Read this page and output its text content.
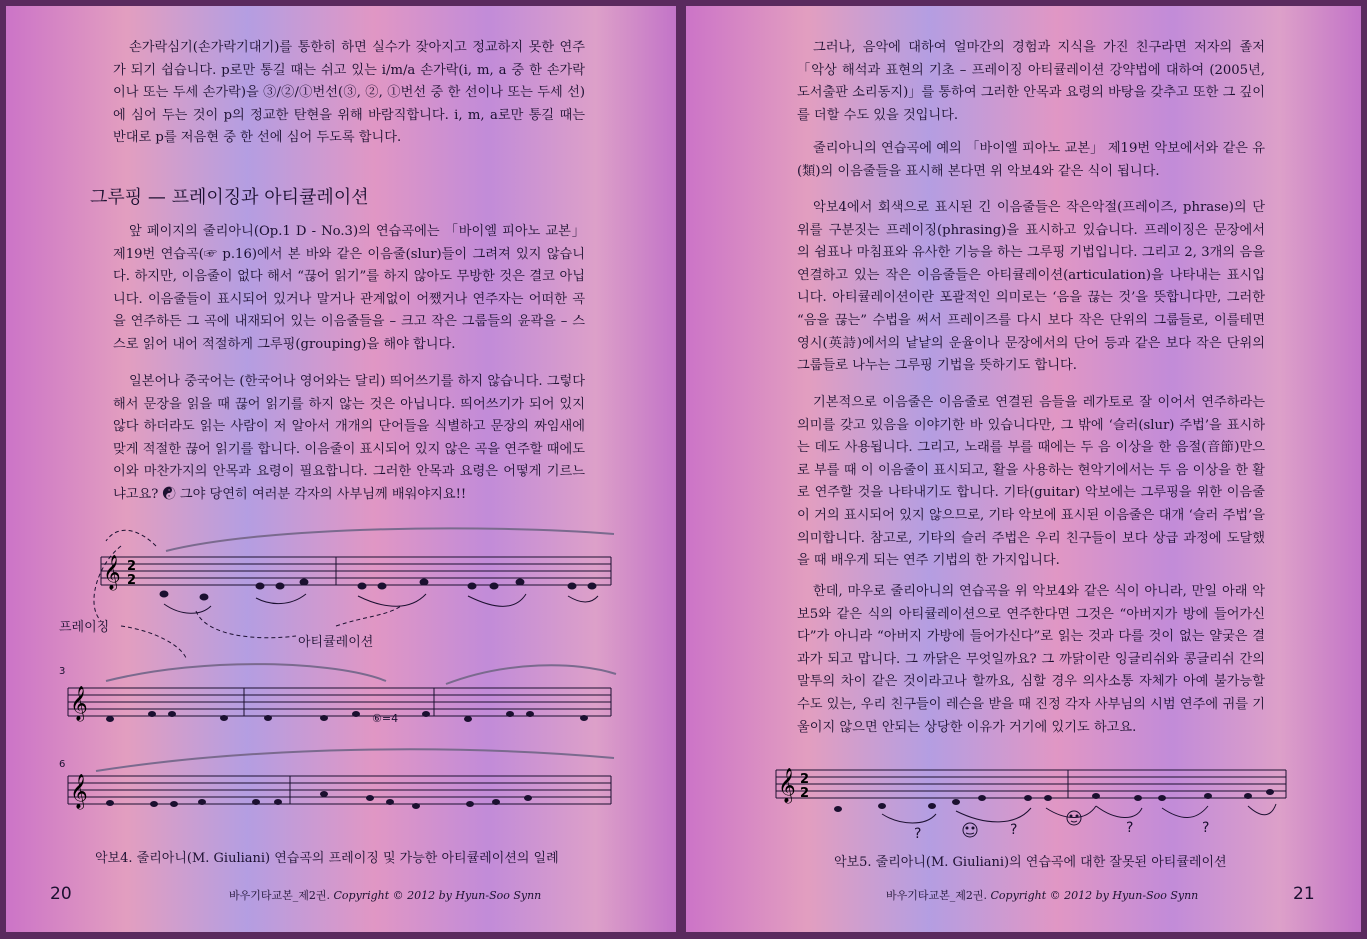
손가락심기(손가락기대기)를 통한히 하면 실수가 잦아지고 정교하지 못한 연주가 되기 쉽습니다. p로만 통길 때는 쉬고 있는 i/m/a 손가락(i, m, a 중 한 손가락이나 또는 두세 손가락)을 ③/②/①번선(③, ②, ①번선 중 한 선이나 또는 두세 선)에 심어 두는 것이 p의 정교한 탄현을 위해 바람직합니다. i, m, a로만 통길 때는 반대로 p를 저음현 중 한 선에 심어 두도록 합니다.

그루핑 — 프레이징과 아티큘레이션

앞 페이지의 줄리아니(Op.1 D - No.3)의 연습곡에는 「바이엘 피아노 교본」 제19번 연습곡(☞ p.16)에서 본 바와 같은 이음줄(slur)들이 그려져 있지 않습니다. 하지만, 이음줄이 없다 해서 “끊어 읽기”를 하지 않아도 무방한 것은 결코 아닙니다. 이음줄들이 표시되어 있거나 말거나 관계없이 어쨌거나 연주자는 어떠한 곡을 연주하든 그 곡에 내재되어 있는 이음줄들을 – 크고 작은 그룹들의 윤곽을 – 스스로 읽어 내어 적절하게 그루핑(grouping)을 해야 합니다.

일본어나 중국어는 (한국어나 영어와는 달리) 띄어쓰기를 하지 않습니다. 그렇다 해서 문장을 읽을 때 끊어 읽기를 하지 않는 것은 아닙니다. 띄어쓰기가 되어 있지 않다 하더라도 읽는 사람이 저 알아서 개개의 단어들을 식별하고 문장의 짜임새에 맞게 적절한 끊어 읽기를 합니다. 이음줄이 표시되어 있지 않은 곡을 연주할 때에도 이와 마찬가지의 안목과 요령이 필요합니다. 그러한 안목과 요령은 어떻게 기르느냐고요? ☯ 그야 당연히 여러분 각자의 사부님께 배워야지요!!

𝄞 2
2
𝄞
𝄞
프레이징
아티큘레이션
3
6
⑥=4
악보4. 줄리아니(M. Giuliani) 연습곡의 프레이징 및 가능한 아티큘레이션의 일례
20	바우기타교본_제2권. Copyright © 2012 by Hyun-Soo Synn

그러나, 음악에 대하여 얼마간의 경험과 지식을 가진 친구라면 저자의 졸저 「악상 해석과 표현의 기초 – 프레이징 아티큘레이션 강약법에 대하여 (2005년, 도서출판 소리동지)」를 통하여 그러한 안목과 요령의 바탕을 갖추고 또한 그 깊이를 더할 수도 있을 것입니다.

줄리아니의 연습곡에 예의 「바이엘 피아노 교본」 제19번 악보에서와 같은 유(類)의 이음줄들을 표시해 본다면 위 악보4와 같은 식이 됩니다.

악보4에서 회색으로 표시된 긴 이음줄들은 작은악절(프레이즈, phrase)의 단위를 구분짓는 프레이징(phrasing)을 표시하고 있습니다. 프레이징은 문장에서의 쉼표나 마침표와 유사한 기능을 하는 그루핑 기법입니다. 그리고 2, 3개의 음을 연결하고 있는 작은 이음줄들은 아티큘레이션(articulation)을 나타내는 표시입니다. 아티큘레이션이란 포괄적인 의미로는 ‘음을 끊는 것’을 뜻합니다만, 그러한 “음을 끊는” 수법을 써서 프레이즈를 다시 보다 작은 단위의 그룹들로, 이를테면 영시(英詩)에서의 낱낱의 운율이나 문장에서의 단어 등과 같은 보다 작은 단위의 그룹들로 나누는 그루핑 기법을 뜻하기도 합니다.

기본적으로 이음줄은 이음줄로 연결된 음들을 레가토로 잘 이어서 연주하라는 의미를 갖고 있음을 이야기한 바 있습니다만, 그 밖에 ‘슬러(slur) 주법’을 표시하는 데도 사용됩니다. 그리고, 노래를 부를 때에는 두 음 이상을 한 음절(音節)만으로 부를 때 이 이음줄이 표시되고, 활을 사용하는 현악기에서는 두 음 이상을 한 활로 연주할 것을 나타내기도 합니다. 기타(guitar) 악보에는 그루핑을 위한 이음줄이 거의 표시되어 있지 않으므로, 기타 악보에 표시된 이음줄은 대개 ‘슬러 주법’을 의미합니다. 참고로, 기타의 슬러 주법은 우리 친구들이 보다 상급 과정에 도달했을 때 배우게 되는 연주 기법의 한 가지입니다.

한데, 마우로 줄리아니의 연습곡을 위 악보4와 같은 식이 아니라, 만일 아래 악보5와 같은 식의 아티큘레이션으로 연주한다면 그것은 “아버지가 방에 들어가신다”가 아니라 “아버지 가방에 들어가신다”로 읽는 것과 다를 것이 없는 얄궂은 결과가 되고 맙니다. 그 까닭은 무엇일까요? 그 까닭이란 잉글리쉬와 콩글리쉬 간의 말투의 차이 같은 것이라고나 할까요, 심할 경우 의사소통 자체가 아예 불가능할 수도 있는, 우리 친구들이 레슨을 받을 때 진정 각자 사부님의 시범 연주에 귀를 기울이지 않으면 안되는 상당한 이유가 거기에 있기도 하고요.

𝄞 2
2
?	?	?	?
악보5. 줄리아니(M. Giuliani)의 연습곡에 대한 잘못된 아티큘레이션
21
바우기타교본_제2권. Copyright © 2012 by Hyun-Soo Synn
